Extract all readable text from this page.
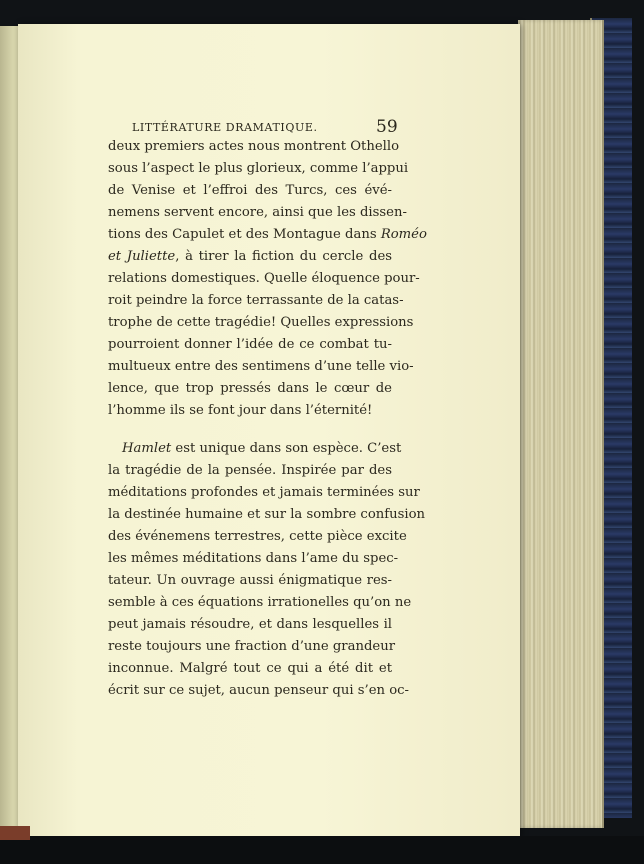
LITTÉRATURE DRAMATIQUE.	59
deux premiers actes nous montrent Othello
sous l’aspect le plus glorieux, comme l’appui
de Venise et l’effroi des Turcs, ces évé-
nemens servent encore, ainsi que les dissen-
tions des Capulet et des Montague dans Roméo
et Juliette, à tirer la fiction du cercle des
relations domestiques. Quelle éloquence pour-
roit peindre la force terrassante de la catas-
trophe de cette tragédie! Quelles expressions
pourroient donner l’idée de ce combat tu-
multueux entre des sentimens d’une telle vio-
lence, que trop pressés dans le cœur de
l’homme ils se font jour dans l’éternité!
Hamlet est unique dans son espèce. C’est
la tragédie de la pensée. Inspirée par des
méditations profondes et jamais terminées sur
la destinée humaine et sur la sombre confusion
des événemens terrestres, cette pièce excite
les mêmes méditations dans l’ame du spec-
tateur. Un ouvrage aussi énigmatique res-
semble à ces équations irrationelles qu’on ne
peut jamais résoudre, et dans lesquelles il
reste toujours une fraction d’une grandeur
inconnue. Malgré tout ce qui a été dit et
écrit sur ce sujet, aucun penseur qui s’en oc-
